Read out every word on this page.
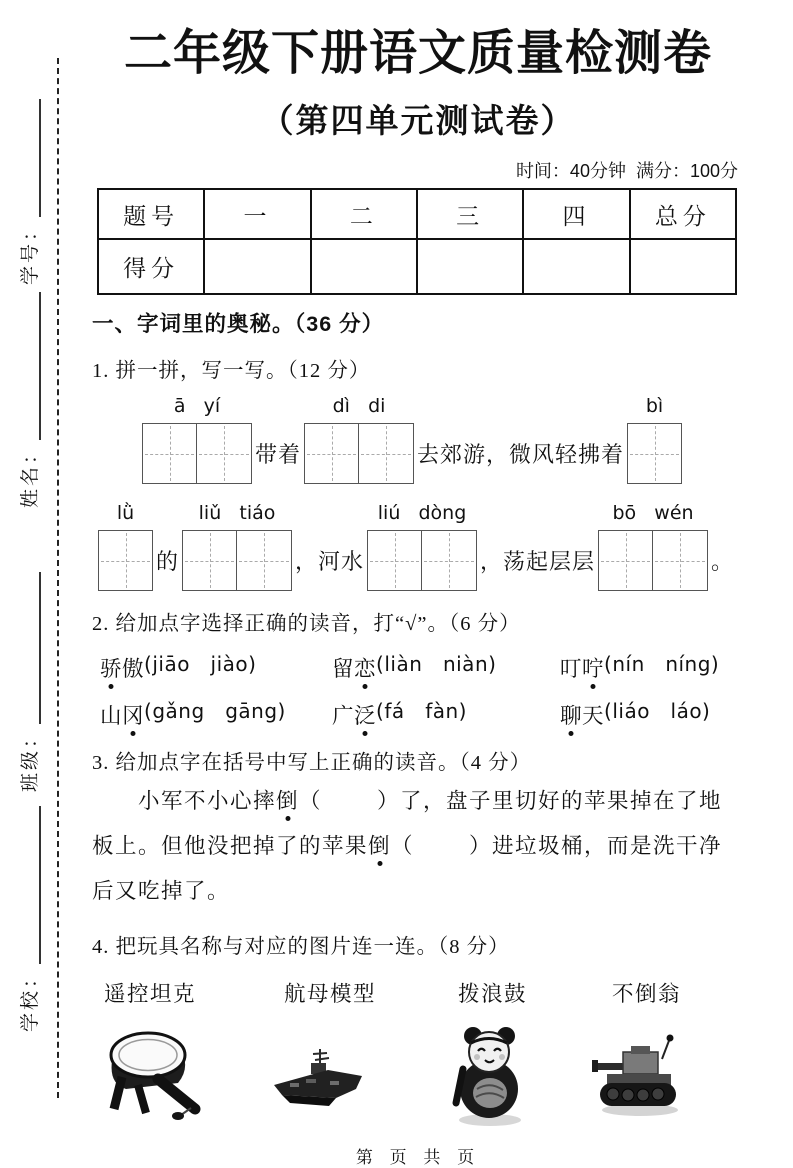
学号：
姓名：
班级：
学校：
二年级下册语文质量检测卷
（第四单元测试卷）
时间：40分钟  满分：100分
题号	一	二	三	四	总分
得分					
一、字词里的奥秘。（36 分）
1. 拼一拼，写一写。（12 分）
ā   yí
带着
dì   di
去郊游，微风轻拂着
bì
lǜ
的
liǔ   tiáo
，河水
liú   dòng
，荡起层层
bō   wén
。
2. 给加点字选择正确的读音，打“√”。（6 分）
骄傲 (jiāo   jiào)	留恋 (liàn   niàn)	叮咛 (nín   níng)
山冈 (gǎng   gāng) 广泛 (fá   fàn)	聊天 (liáo   láo)
3. 给加点字在括号中写上正确的读音。（4 分）
小军不小心摔倒（        ）了，盘子里切好的苹果掉在了地
板上。但他没把掉了的苹果倒（        ）进垃圾桶，而是洗干净
后又吃掉了。
4. 把玩具名称与对应的图片连一连。（8 分）
遥控坦克	航母模型	拨浪鼓	不倒翁
第 页 共 页
